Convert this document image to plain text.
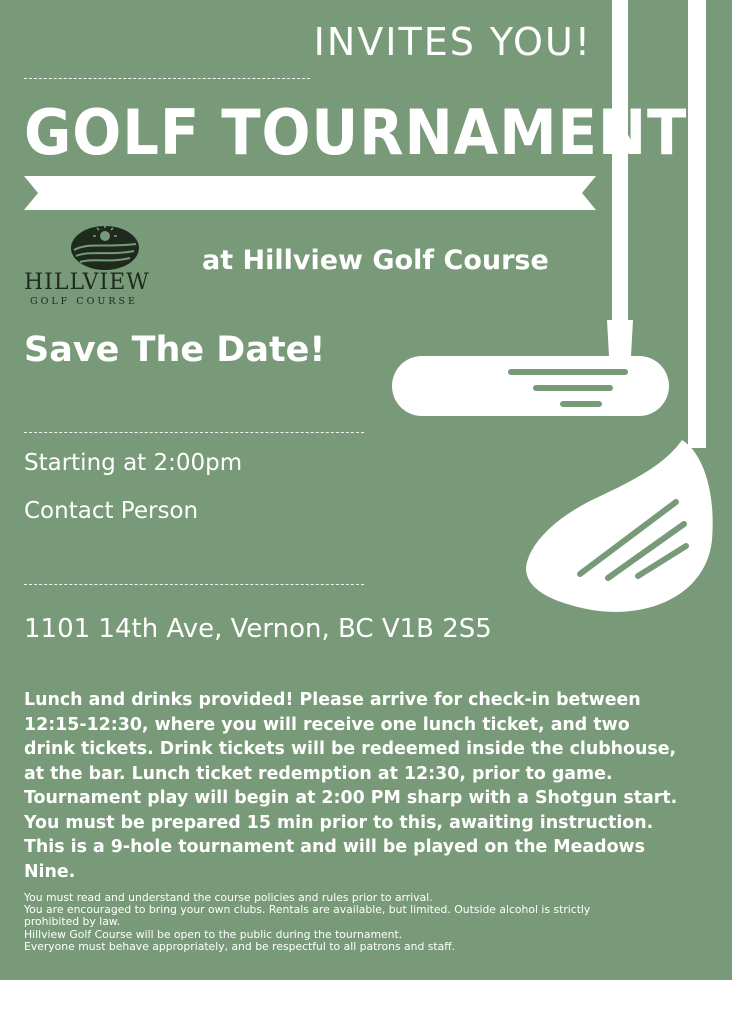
INVITES YOU!
GOLF TOURNAMENT
HILLVIEW
GOLF COURSE
at Hillview Golf Course
Save The Date!
Starting at 2:00pm
Contact Person
1101 14th Ave, Vernon, BC V1B 2S5
Lunch and drinks provided! Please arrive for check-in between 12:15-12:30, where you will receive one lunch ticket, and two drink tickets. Drink tickets will be redeemed inside the clubhouse, at the bar. Lunch ticket redemption at 12:30, prior to game. Tournament play will begin at 2:00 PM sharp with a Shotgun start. You must be prepared 15 min prior to this, awaiting instruction. This is a 9-hole tournament and will be played on the Meadows Nine.
You must read and understand the course policies and rules prior to arrival.
You are encouraged to bring your own clubs. Rentals are available, but limited. Outside alcohol is strictly prohibited by law.
Hillview Golf Course will be open to the public during the tournament.
Everyone must behave appropriately, and be respectful to all patrons and staff.
